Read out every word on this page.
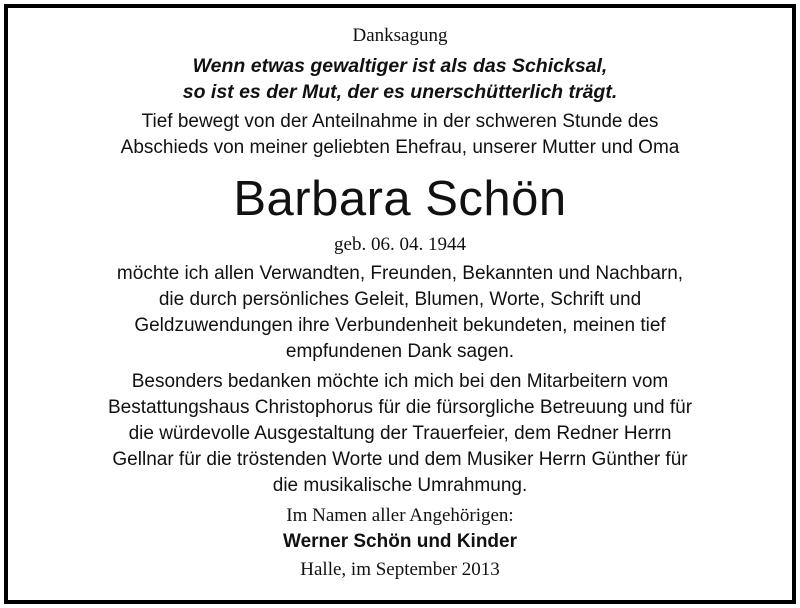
Danksagung
Wenn etwas gewaltiger ist als das Schicksal,
so ist es der Mut, der es unerschütterlich trägt.
Tief bewegt von der Anteilnahme in der schweren Stunde des
Abschieds von meiner geliebten Ehefrau, unserer Mutter und Oma
Barbara Schön
geb. 06. 04. 1944
möchte ich allen Verwandten, Freunden, Bekannten und Nachbarn,
die durch persönliches Geleit, Blumen, Worte, Schrift und
Geldzuwendungen ihre Verbundenheit bekundeten, meinen tief
empfundenen Dank sagen.
Besonders bedanken möchte ich mich bei den Mitarbeitern vom
Bestattungshaus Christophorus für die fürsorgliche Betreuung und für
die würdevolle Ausgestaltung der Trauerfeier, dem Redner Herrn
Gellnar für die tröstenden Worte und dem Musiker Herrn Günther für
die musikalische Umrahmung.
Im Namen aller Angehörigen:
Werner Schön und Kinder
Halle, im September 2013
